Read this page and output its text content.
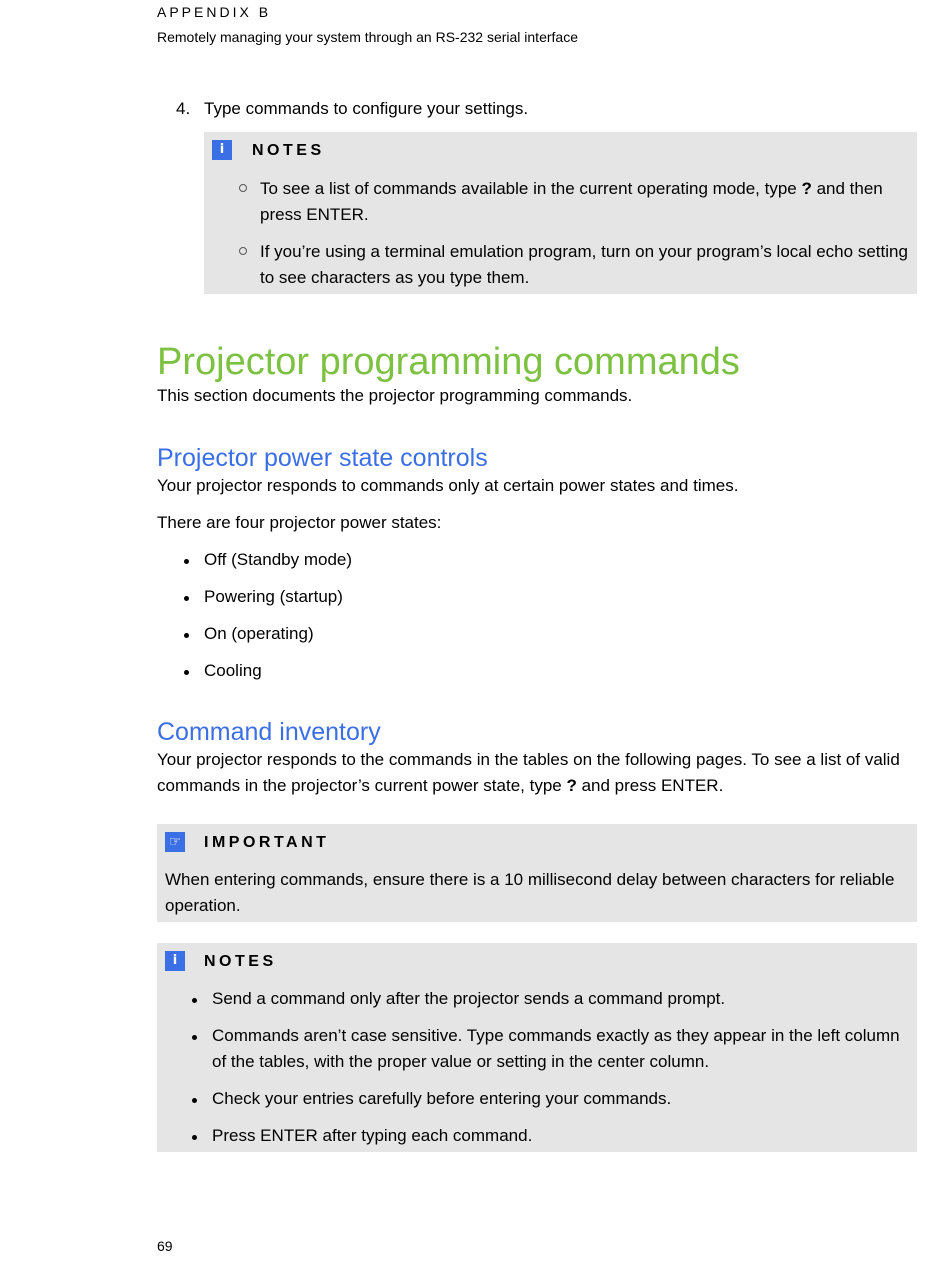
APPENDIX B
Remotely managing your system through an RS-232 serial interface
4. Type commands to configure your settings.
i	NOTES
To see a list of commands available in the current operating mode, type ? and then press ENTER.
If you’re using a terminal emulation program, turn on your program’s local echo setting to see characters as you type them.
Projector programming commands
This section documents the projector programming commands.
Projector power state controls
Your projector responds to commands only at certain power states and times.
There are four projector power states:
Off (Standby mode)
Powering (startup)
On (operating)
Cooling
Command inventory
Your projector responds to the commands in the tables on the following pages. To see a list of valid commands in the projector’s current power state, type ? and press ENTER.
☞ IMPORTANT
When entering commands, ensure there is a 10 millisecond delay between characters for reliable operation.
i	NOTES
Send a command only after the projector sends a command prompt.
Commands aren’t case sensitive. Type commands exactly as they appear in the left column of the tables, with the proper value or setting in the center column.
Check your entries carefully before entering your commands.
Press ENTER after typing each command.
69
